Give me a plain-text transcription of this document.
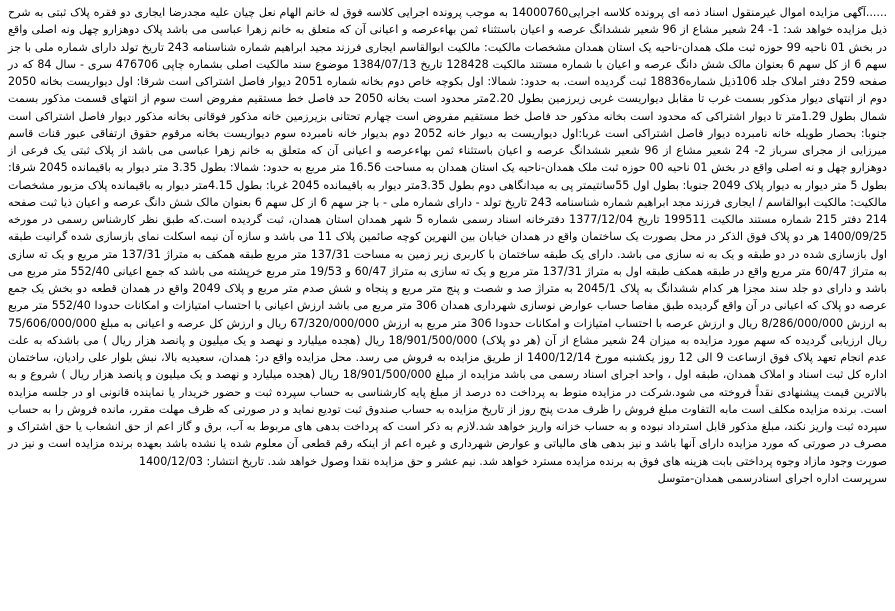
......آگهی مزایده اموال غیرمنقول اسناد ذمه ای پرونده کلاسه اجرایی14000760 به موجب پرونده اجرایی کلاسه فوق له خانم الهام نعل چیان علیه مجدرضا ایجاری دو فقره پلاک ثبتی به شرح ذیل مزایده خواهد شد: 1- 24 شعیر مشاع از 96 شعیر ششدانگ عرصه و اعیان باستثناء ثمن بهاءعرصه و اعیانی آن که متعلق به خانم زهرا عباسی می باشد پلاک دوهزارو چهل ونه اصلی واقع در بخش 01 ناحیه 99 حوزه ثبت ملک همدان-ناحیه یک استان همدان مشخصات مالکیت: مالکیت ابوالقاسم ایجاری فرزند مجید ابراهیم شماره شناسنامه 243 تاریخ تولد دارای شماره ملی با جز سهم 6 از کل سهم 6 بعنوان مالک شش دانگ عرصه و اعیان با شماره مستند مالکیت 128428 تاریخ 1384/07/13 موضوع سند مالکیت اصلی بشماره چاپی 476706 سری - سال 84 که در صفحه 259 دفتر املاک جلد 106ذیل شماره18836 ثبت گردیده است. به حدود: شمالا: اول بکوچه خاص دوم بخانه شماره 2051 دیوار فاصل اشتراکی است شرقا: اول دیواریست بخانه 2050 دوم از انتهای دیوار مذکور بسمت غرب تا مقابل دیواریست غربی زیرزمین بطول 2.20متر محدود است بخانه 2050 حد فاصل خط مستقیم مفروض است سوم از انتهای قسمت مذکور بسمت شمال بطول 1.29متر تا دیوار اشتراکی که محدود است بخانه مذکور حد فاصل خط مستقیم مفروض است چهارم تحتانی بزیرزمین خانه مذکور فوقانی بخانه مذکور دیوار فاصل اشتراکی است جنوبا: بحصار طویله خانه نامبرده دیوار فاصل اشتراکی است غربا:اول دیواریست به دیوار خانه 2052 دوم بدیوار خانه نامبرده سوم دیواریست بخانه مرقوم حقوق ارتفاقی عبور قنات قاسم میرزایی از مجرای سرباز 2- 24 شعیر مشاع از 96 شعیر ششدانگ عرصه و اعیان باستثناء ثمن بهاءعرصه و اعیانی آن که متعلق به خانم زهرا عباسی می باشد از پلاک ثبتی یک فرعی از دوهزارو چهل و نه اصلی واقع در بخش 01 ناحیه 00 حوزه ثبت ملک همدان-ناحیه یک استان همدان به مساحت 16.56 متر مربع به حدود: شمالا: بطول 3.35 متر دیوار به باقیمانده 2045 شرقا: بطول 5 متر دیوار به دیوار پلاک 2049 جنوبا: بطول اول 55سانتیمتر پی به میدانگاهی دوم بطول 3.35متر دیوار به باقیمانده 2045 غربا: بطول 4.15متر دیوار به باقیمانده پلاک مزبور مشخصات مالکیت: مالکیت ابوالقاسم / ایجاری فرزند مجد ابراهیم شماره شناسنامه 243 تاریخ تولد - دارای شماره ملی - با جز سهم 6 از کل سهم 6 بعنوان مالک شش دانگ عرصه و اعیان ذیا ثبت صفحه 214 دفتر 215 شماره مستند مالکیت 199511 تاریخ 1377/12/04 دفترخانه اسناد رسمی شماره 5 شهر همدان استان همدان، ثبت گردیده است.که طبق نظر کارشناس رسمی در مورخه 1400/09/25 هر دو پلاک فوق الذکر در محل بصورت یک ساختمان واقع در همدان خیابان بین النهرین کوچه صائمین پلاک 11 می باشد و سازه آن نیمه اسکلت نمای بازسازی شده گرانیت طبقه اول بازسازی شده در دو طبقه و یک به نه سازی می باشد. دارای یک طبقه ساختمان با کاربری زیر زمین به مساحت 137/31 متر مربع طبقه همکف به متراژ 137/31 متر مربع و یک ته سازی به متراژ 60/47 متر مربع واقع در طبقه همکف طبقه اول به متراژ 137/31 متر مربع و یک ته سازی به متراژ 60/47 و 19/53 متر مربع خرپشته می باشد که جمع اعیانی 552/40 متر مربع می باشد و دارای دو جلد سند مجزا هر کدام ششدانگ به پلاک 2045/1 به متراژ صد و شصت و پنج متر مربع و پنجاه و شش صدم متر مربع و پلاک 2049 واقع در همدان قطعه دو بخش یک جمع عرصه دو پلاک که اعیانی در آن واقع گردیده طبق مفاصا حساب عوارض نوسازی شهرداری همدان 306 متر مربع می باشد ارزش اعیانی با احتساب امتیازات و امکانات حدودا 552/40 متر مربع به ارزش 8/286/000/000 ریال و ارزش عرصه با احتساب امتیازات و امکانات حدودا 306 متر مربع به ارزش 67/320/000/000 ریال و ارزش کل عرصه و اعیانی به مبلغ 75/606/000/000 ریال ارزیابی گردیده که سهم مورد مزایده به میزان 24 شعیر مشاع از آن (هر دو پلاک) 18/901/500/000 ریال (هجده میلیارد و نهصد و یک میلیون و پانصد هزار ریال ) می باشدکه به علت عدم انجام تعهد پلاک فوق ازساعت 9 الی 12 روز یکشنبه مورخ 1400/12/14 از طریق مزایده به فروش می رسد. محل مزایده واقع در: همدان، سعیدیه بالا، نبش بلوار علی رادیان، ساختمان اداره کل ثبت اسناد و املاک همدان، طبقه اول ، واحد اجرای اسناد رسمی می باشد مزایده از مبلغ 18/901/500/000 ریال (هجده میلیارد و نهصد و یک میلیون و پانصد هزار ریال ) شروع و به بالاترین قیمت پیشنهادی نقداً فروخته می شود.شرکت در مزایده منوط به پرداخت ده درصد از مبلغ پایه کارشناسی به حساب سپرده ثبت و حضور خریدار یا نماینده قانونی او در جلسه مزایده است. برنده مزایده مکلف است مابه التفاوت مبلغ فروش را ظرف مدت پنج روز از تاریخ مزایده به حساب صندوق ثبت تودیع نماید و در صورتی که ظرف مهلت مقرر، مانده فروش را به حساب سپرده ثبت واریز نکند، مبلغ مذکور قابل استرداد نبوده و به حساب خزانه واریز خواهد شد.لازم به ذکر است که پرداخت بدهی های مربوط به آب، برق و گاز اعم از حق انشعاب یا حق اشتراک و مصرف در صورتی که مورد مزایده دارای آنها باشد و نیز بدهی های مالیاتی و عوارض شهرداری و غیره اعم از اینکه رقم قطعی آن معلوم شده یا نشده باشد بعهده برنده مزایده است و نیز در صورت وجود مازاد وجوه پرداختی بابت هزینه های فوق به برنده مزایده مسترد خواهد شد. نیم عشر و حق مزایده نقدا وصول خواهد شد. تاریخ انتشار: 1400/12/03

سرپرست اداره اجرای اسنادرسمی همدان-متوسل
